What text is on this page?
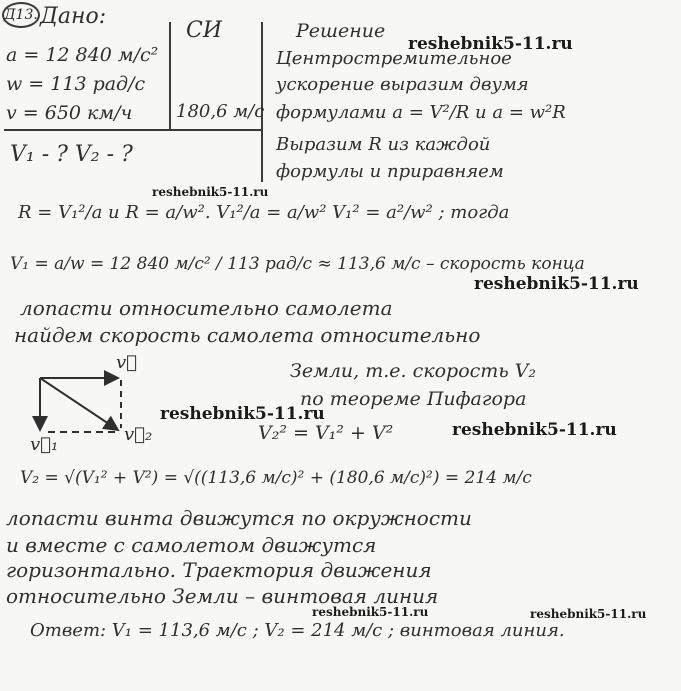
Д13. Дано:
a = 12 840 м/с²
w = 113 рад/с
v = 650 км/ч
V₁ - ? V₂ - ?
СИ
180,6 м/с
Решение
Центростремительное
ускорение выразим двумя
формулами a = V²/R и a = w²R
Выразим R из каждой
формулы и приравняем
R = V₁²/a и R = a/w². V₁²/a = a/w² V₁² = a²/w² ; тогда
V₁ = a/w = 12 840 м/с² / 113 рад/с ≈ 113,6 м/с – скорость конца
лопасти относительно самолета
найдем скорость самолета относительно
Земли, т.е. скорость V₂
по теореме Пифагора
V₂² = V₁² + V²
V₂ = √(V₁² + V²) = √((113,6 м/с)² + (180,6 м/с)²) = 214 м/с
лопасти винта движутся по окружности
и вместе с самолетом движутся
горизонтально. Траектория движения
относительно Земли – винтовая линия
Ответ: V₁ = 113,6 м/с ; V₂ = 214 м/с ; винтовая линия.
v⃗
v⃗₁	v⃗₂
reshebnik5-11.ru
reshebnik5-11.ru
reshebnik5-11.ru
reshebnik5-11.ru
reshebnik5-11.ru
reshebnik5-11.ru	reshebnik5-11.ru
